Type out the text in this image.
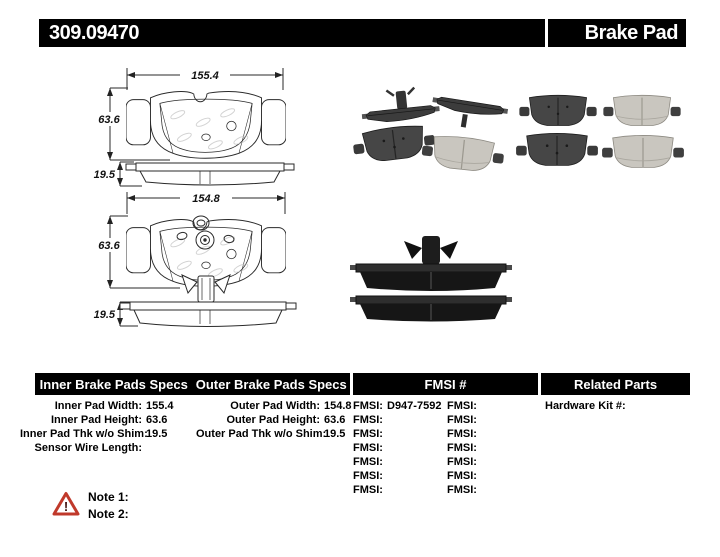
309.09470	Brake Pad
155.4
63.6
19.5
154.8
63.6
19.5
Inner Brake Pads Specs Outer Brake Pads Specs	FMSI #	Related Parts
Inner Pad Width: 155.4
Inner Pad Height: 63.6
Inner Pad Thk w/o Shim:
19.5
Sensor Wire Length:
Outer Pad Width: 154.8
Outer Pad Height: 63.6
Outer Pad Thk w/o Shim:
19.5
FMSI: D947-7592
FMSI:
FMSI:
FMSI:
FMSI:
FMSI:
FMSI:
FMSI:
FMSI:
FMSI:
FMSI:
FMSI:
FMSI:
FMSI:
Hardware Kit #:
!
Note 1:
Note 2:
